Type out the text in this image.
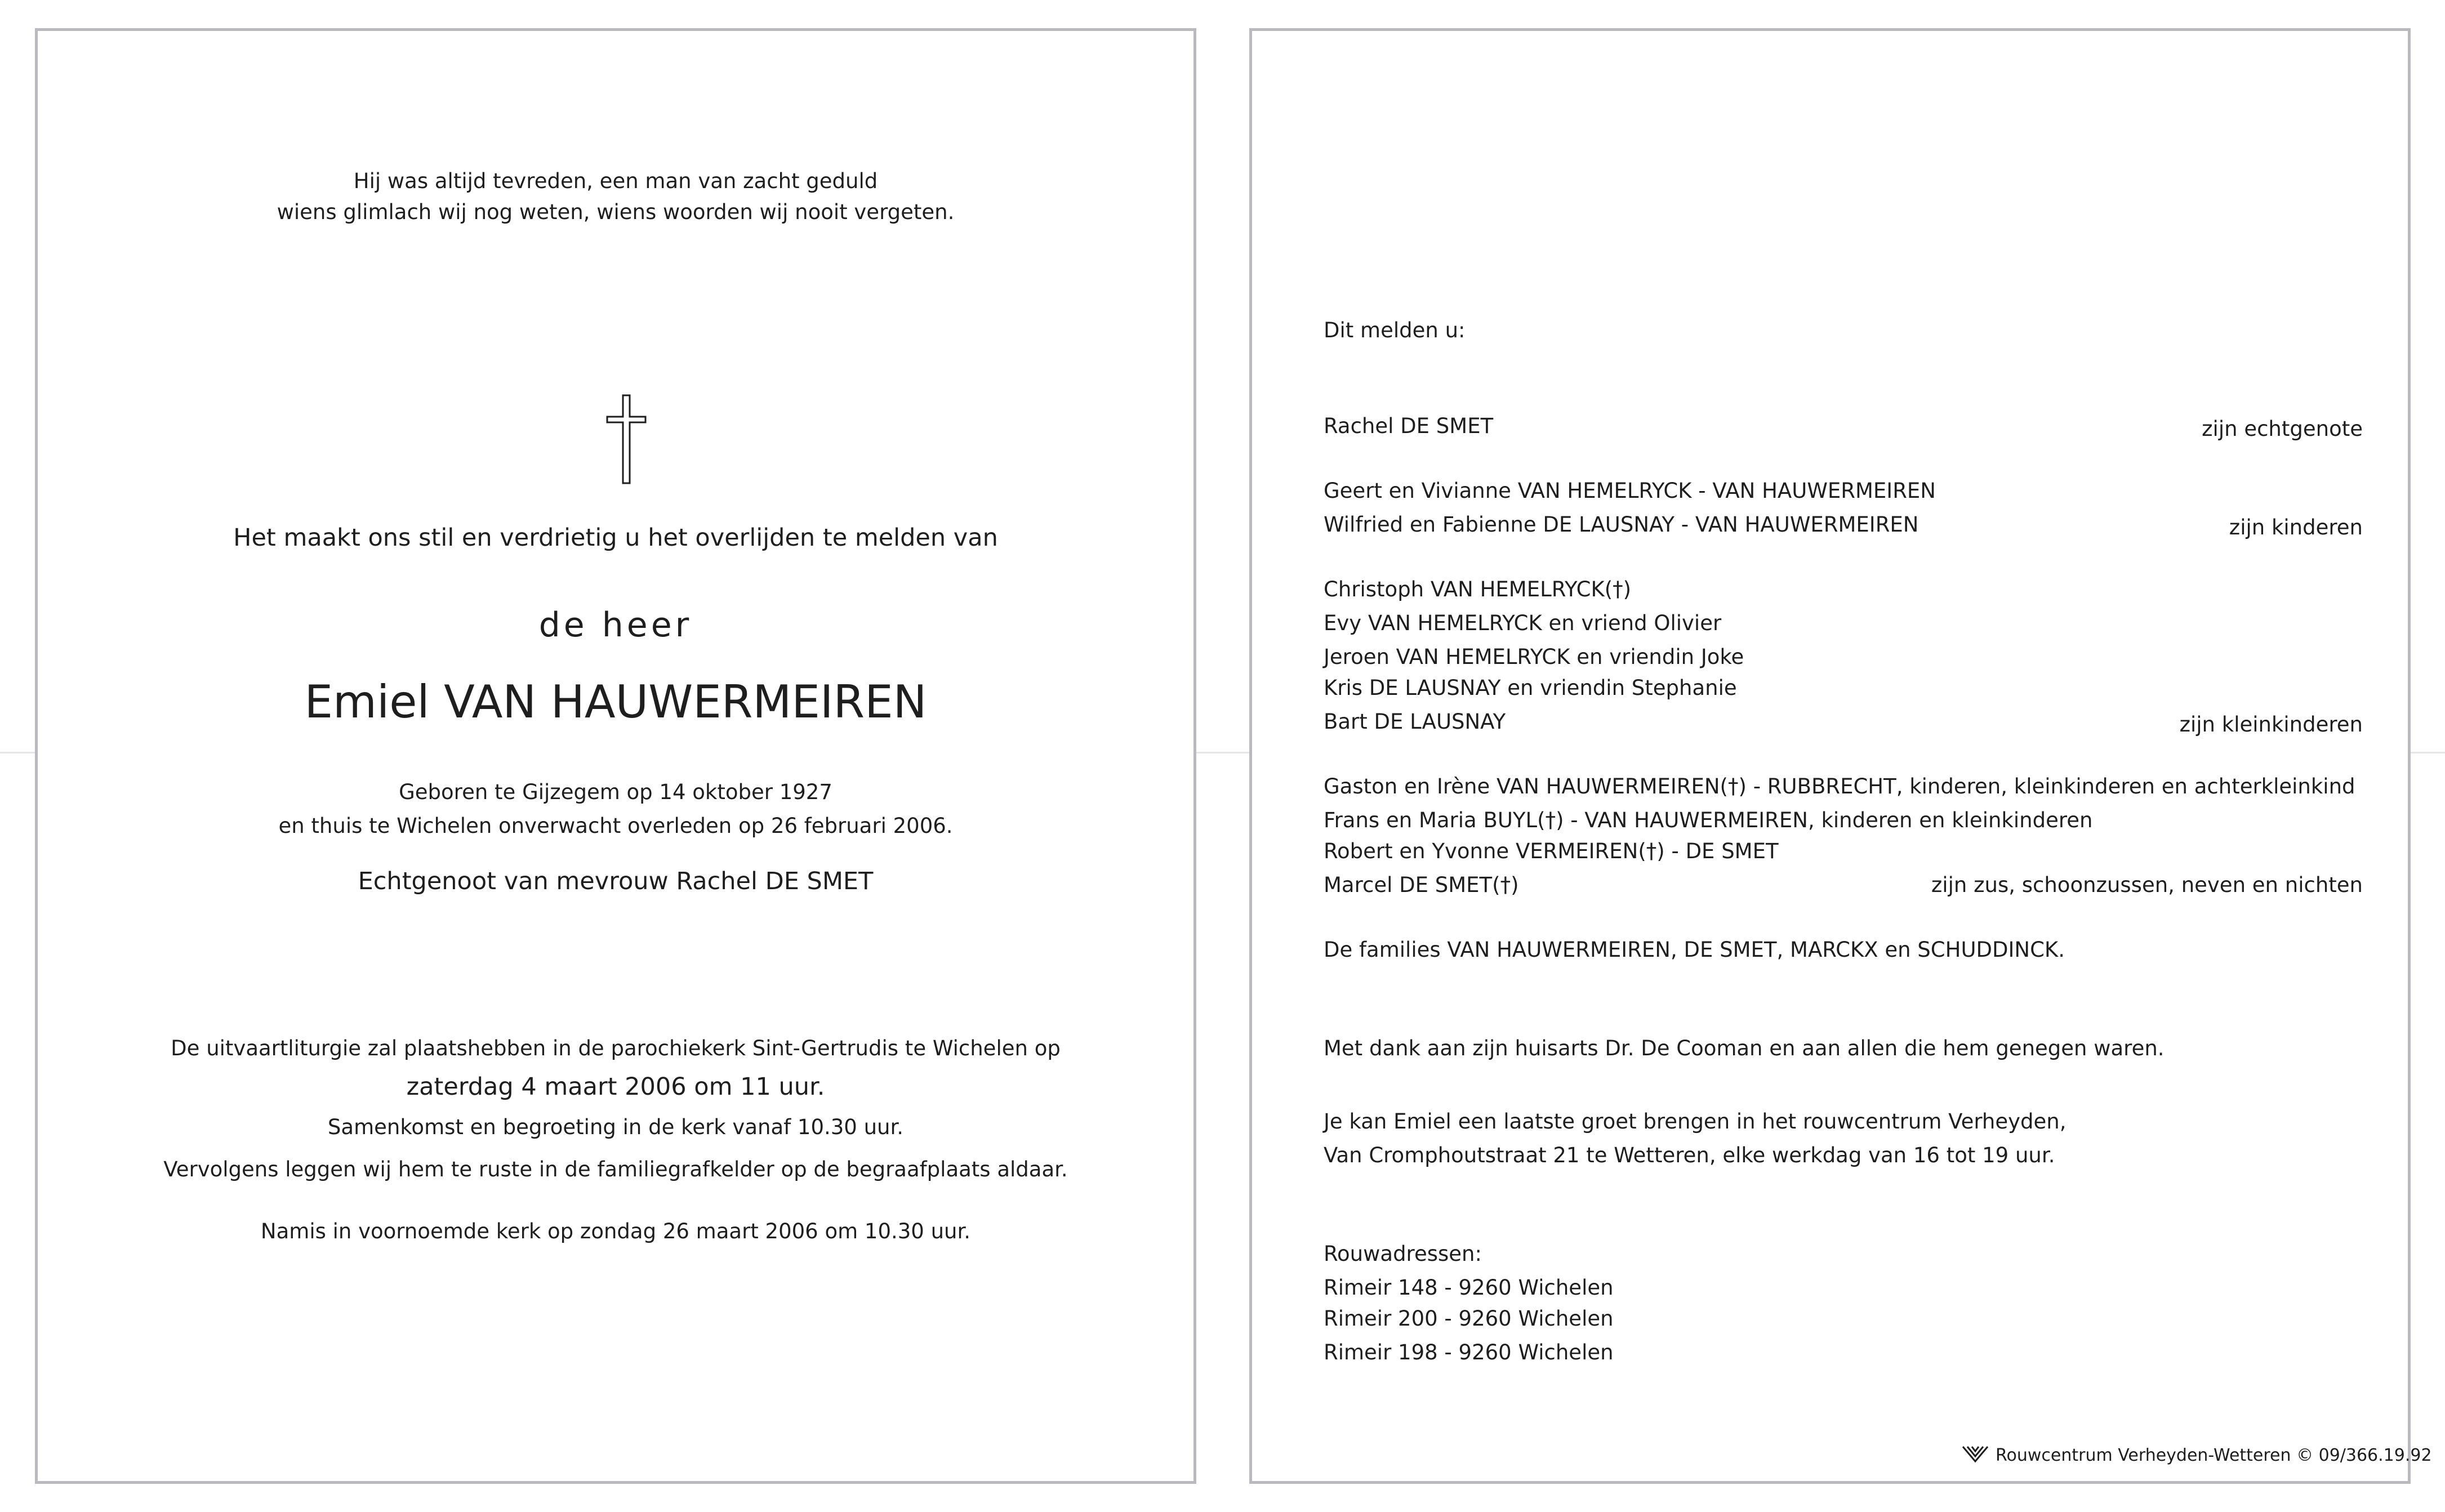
Hij was altijd tevreden, een man van zacht geduld
wiens glimlach wij nog weten, wiens woorden wij nooit vergeten.
Het maakt ons stil en verdrietig u het overlijden te melden van
de heer
Emiel VAN HAUWERMEIREN
Geboren te Gijzegem op 14 oktober 1927
en thuis te Wichelen onverwacht overleden op 26 februari 2006.
Echtgenoot van mevrouw Rachel DE SMET
De uitvaartliturgie zal plaatshebben in de parochiekerk Sint-Gertrudis te Wichelen op
zaterdag 4 maart 2006 om 11 uur.
Samenkomst en begroeting in de kerk vanaf 10.30 uur.
Vervolgens leggen wij hem te ruste in de familiegrafkelder op de begraafplaats aldaar.
Namis in voornoemde kerk op zondag 26 maart 2006 om 10.30 uur.
Dit melden u:
Rachel DE SMET	zijn echtgenote
Geert en Vivianne VAN HEMELRYCK - VAN HAUWERMEIREN
Wilfried en Fabienne DE LAUSNAY - VAN HAUWERMEIREN	zijn kinderen
Christoph VAN HEMELRYCK(†)
Evy VAN HEMELRYCK en vriend Olivier
Jeroen VAN HEMELRYCK en vriendin Joke
Kris DE LAUSNAY en vriendin Stephanie
Bart DE LAUSNAY	zijn kleinkinderen
Gaston en Irène VAN HAUWERMEIREN(†) - RUBBRECHT, kinderen, kleinkinderen en achterkleinkind
Frans en Maria BUYL(†) - VAN HAUWERMEIREN, kinderen en kleinkinderen
Robert en Yvonne VERMEIREN(†) - DE SMET
Marcel DE SMET(†)	zijn zus, schoonzussen, neven en nichten
De families VAN HAUWERMEIREN, DE SMET, MARCKX en SCHUDDINCK.
Met dank aan zijn huisarts Dr. De Cooman en aan allen die hem genegen waren.
Je kan Emiel een laatste groet brengen in het rouwcentrum Verheyden,
Van Cromphoutstraat 21 te Wetteren, elke werkdag van 16 tot 19 uur.
Rouwadressen:
Rimeir 148 - 9260 Wichelen
Rimeir 200 - 9260 Wichelen
Rimeir 198 - 9260 Wichelen
Rouwcentrum Verheyden-Wetteren © 09/366.19.92
